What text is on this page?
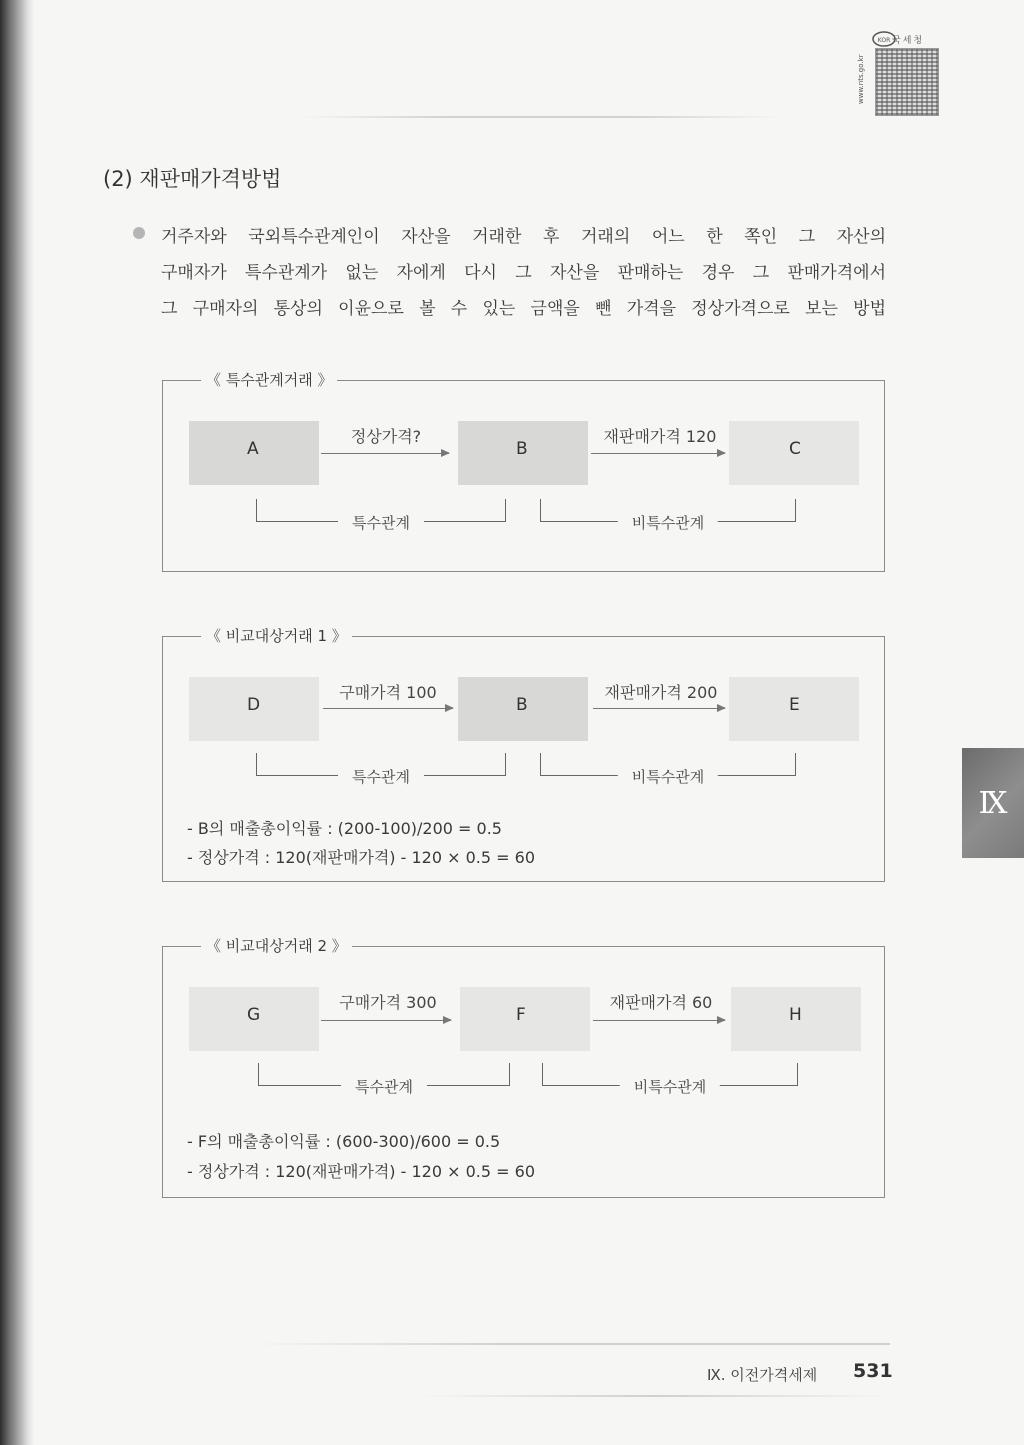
www.nts.go.kr
국세청
KOR
(2) 재판매가격방법
거주자와 국외특수관계인이 자산을 거래한 후 거래의 어느 한 쪽인 그 자산의
구매자가 특수관계가 없는 자에게 다시 그 자산을 판매하는 경우 그 판매가격에서
그 구매자의 통상의 이윤으로 볼 수 있는 금액을 뺀 가격을 정상가격으로 보는 방법
《 특수관계거래 》
A	B	C
정상가격?	재판매가격 120
특수관계	비특수관계
《 비교대상거래 1 》
D	B	E
구매가격 100	재판매가격 200
특수관계	비특수관계
- B의 매출총이익률 : (200-100)/200 = 0.5
- 정상가격 : 120(재판매가격) - 120 × 0.5 = 60
《 비교대상거래 2 》
G	F	H
구매가격 300	재판매가격 60
특수관계	비특수관계
- F의 매출총이익률 : (600-300)/600 = 0.5
- 정상가격 : 120(재판매가격) - 120 × 0.5 = 60
Ⅸ
Ⅸ. 이전가격세제 531
